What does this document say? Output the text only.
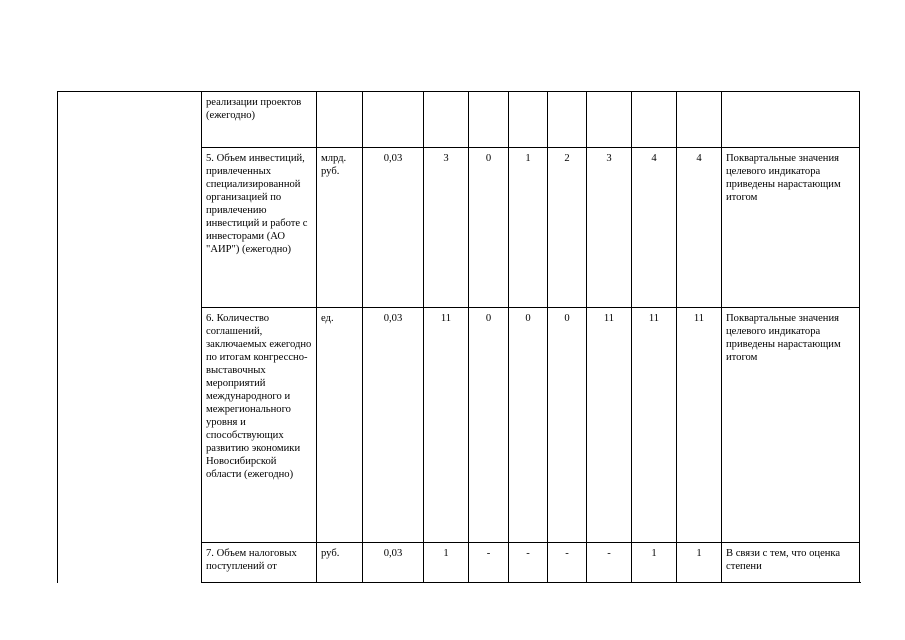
реализации проектов (ежегодно)										
5. Объем инвестиций, привлеченных специализированной организацией по привлечению инвестиций и работе с инвесторами (АО "АИР") (ежегодно)	млрд. руб.	0,03	3	0	1	2	3	4	4	Поквартальные значения целевого индикатора приведены нарастающим итогом
6. Количество соглашений, заключаемых ежегодно по итогам конгрессно-выставочных мероприятий международного и межрегионального уровня и способствующих развитию экономики Новосибирской области (ежегодно)	ед.	0,03	11	0	0	0	11	11	11	Поквартальные значения целевого индикатора приведены нарастающим итогом
7. Объем налоговых поступлений от	руб.	0,03	1	-	-	-	-	1	1	В связи с тем, что оценка степени
